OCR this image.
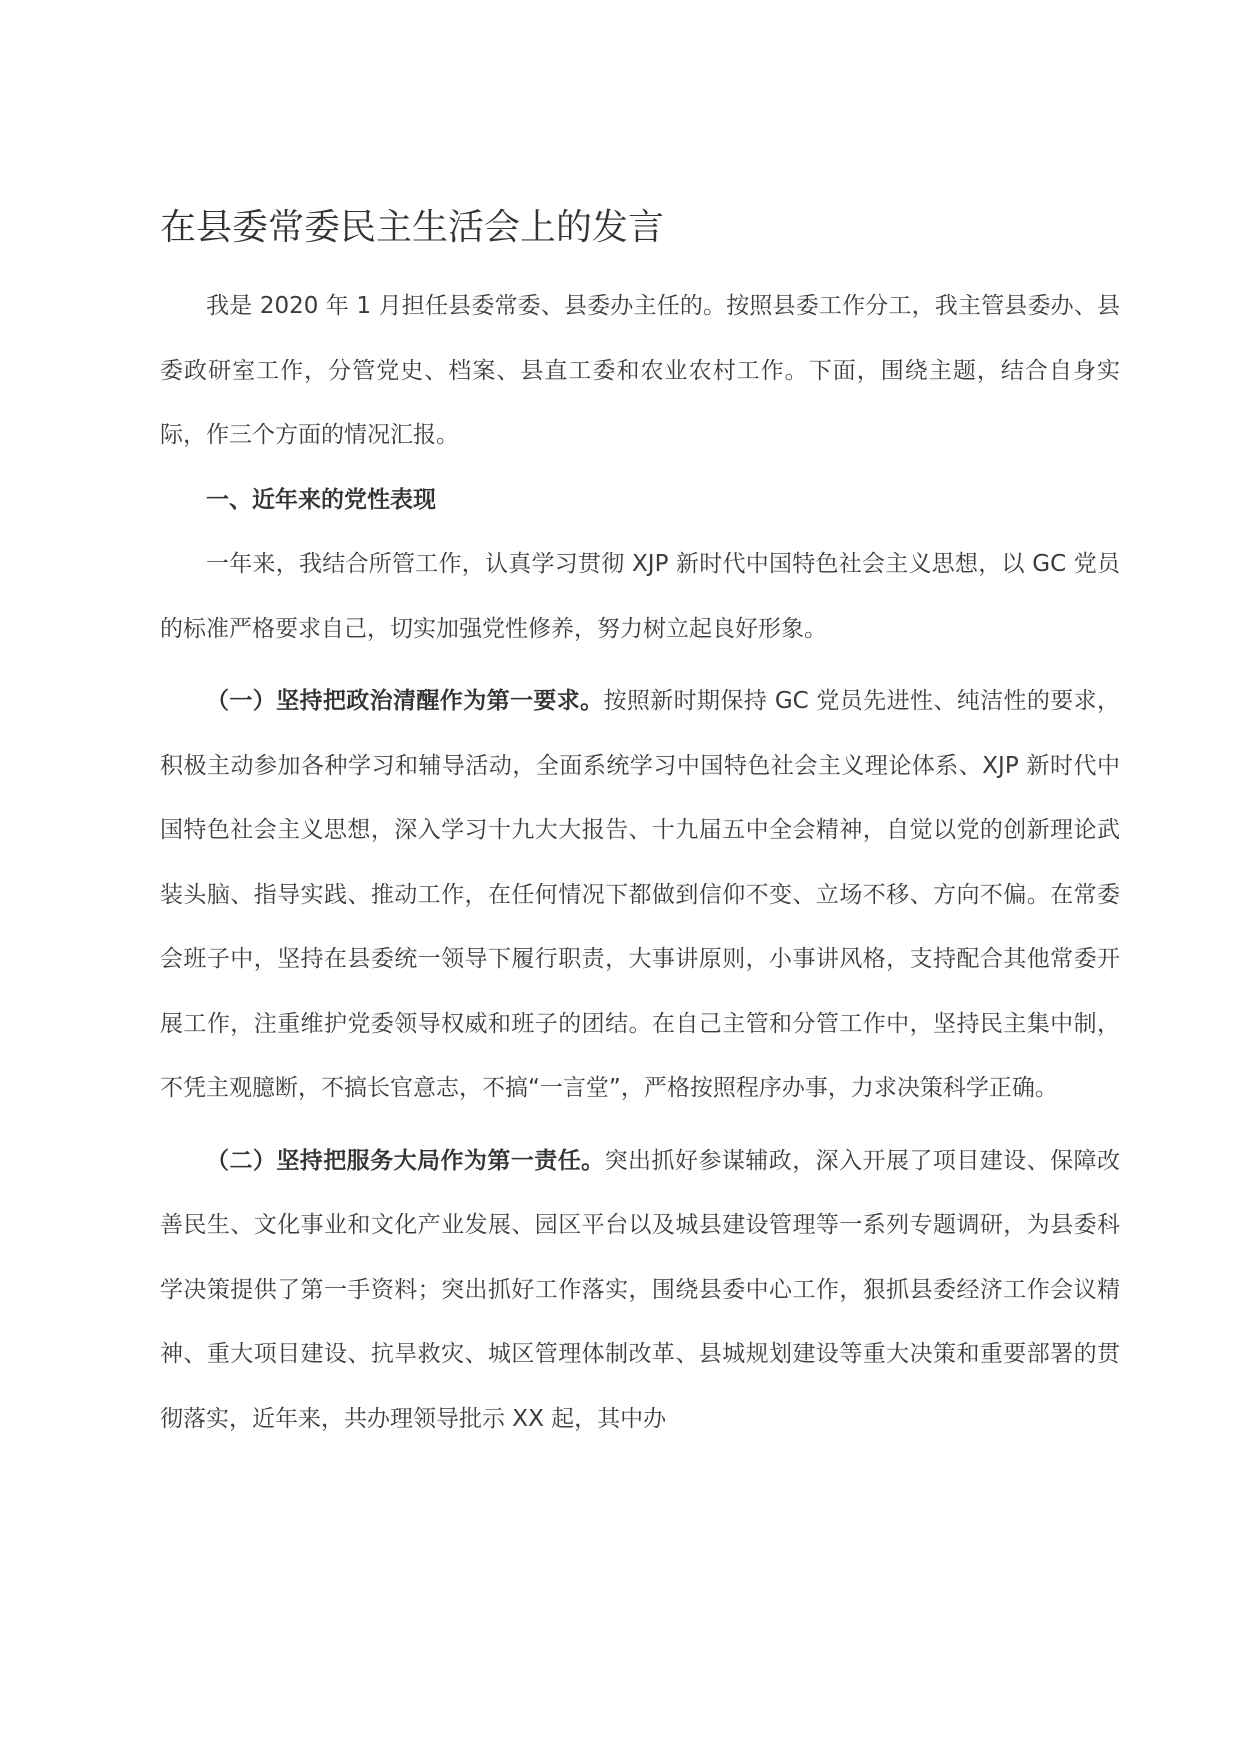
在县委常委民主生活会上的发言

我是 2020 年 1 月担任县委常委、县委办主任的。按照县委工作分工，我主管县委办、县委政研室工作，分管党史、档案、县直工委和农业农村工作。下面，围绕主题，结合自身实际，作三个方面的情况汇报。

一、近年来的党性表现

一年来，我结合所管工作，认真学习贯彻 XJP 新时代中国特色社会主义思想，以 GC 党员的标准严格要求自己，切实加强党性修养，努力树立起良好形象。

（一）坚持把政治清醒作为第一要求。按照新时期保持 GC 党员先进性、纯洁性的要求，积极主动参加各种学习和辅导活动，全面系统学习中国特色社会主义理论体系、XJP 新时代中国特色社会主义思想，深入学习十九大大报告、十九届五中全会精神，自觉以党的创新理论武装头脑、指导实践、推动工作，在任何情况下都做到信仰不变、立场不移、方向不偏。在常委会班子中，坚持在县委统一领导下履行职责，大事讲原则，小事讲风格，支持配合其他常委开展工作，注重维护党委领导权威和班子的团结。在自己主管和分管工作中，坚持民主集中制，不凭主观臆断，不搞长官意志，不搞“一言堂”，严格按照程序办事，力求决策科学正确。

（二）坚持把服务大局作为第一责任。突出抓好参谋辅政，深入开展了项目建设、保障改善民生、文化事业和文化产业发展、园区平台以及城县建设管理等一系列专题调研，为县委科学决策提供了第一手资料；突出抓好工作落实，围绕县委中心工作，狠抓县委经济工作会议精神、重大项目建设、抗旱救灾、城区管理体制改革、县城规划建设等重大决策和重要部署的贯彻落实，近年来，共办理领导批示 XX 起，其中办
